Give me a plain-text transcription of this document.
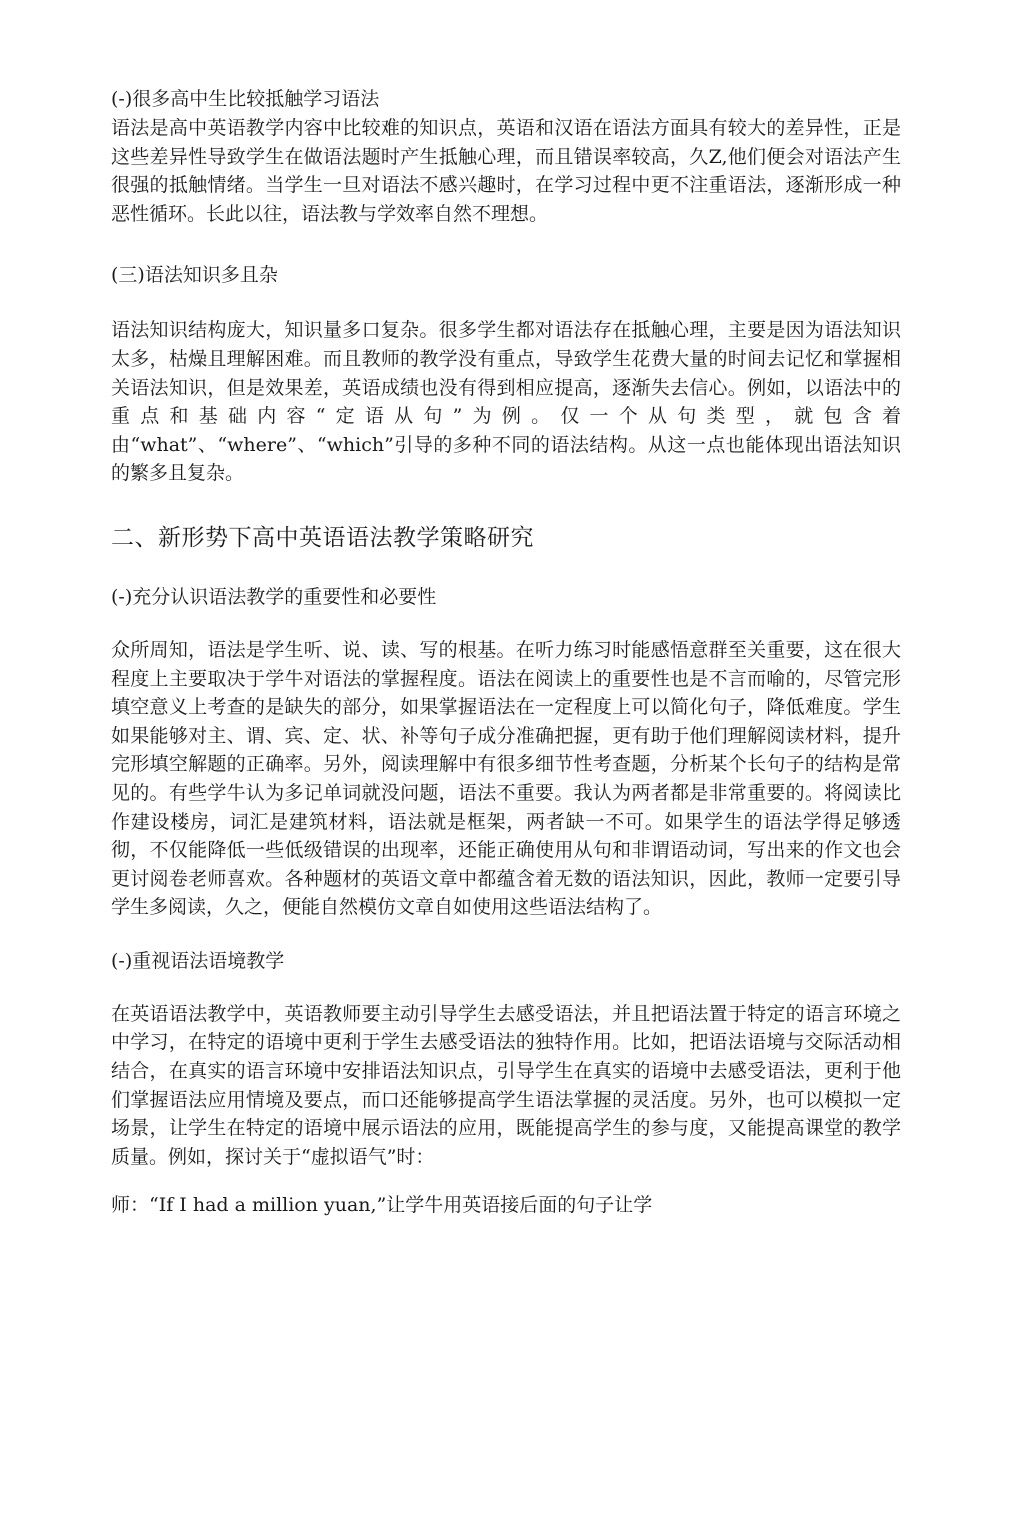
(-)很多高中生比较抵触学习语法

语法是高中英语教学内容中比较难的知识点，英语和汉语在语法方面具有较大的差异性，正是这些差异性导致学生在做语法题时产生抵触心理，而且错误率较高，久Z,他们便会对语法产生很强的抵触情绪。当学生一旦对语法不感兴趣时，在学习过程中更不注重语法，逐渐形成一种恶性循环。长此以往，语法教与学效率自然不理想。

(三)语法知识多且杂

语法知识结构庞大，知识量多口复杂。很多学生都对语法存在抵触心理，主要是因为语法知识太多，枯燥且理解困难。而且教师的教学没有重点，导致学生花费大量的时间去记忆和掌握相关语法知识，但是效果差，英语成绩也没有得到相应提高，逐渐失去信心。例如，以语法中的重点和基础内容“定语从句”为例。仅一个从句类型，就包含着由“what”、“where”、“which”引导的多种不同的语法结构。从这一点也能体现出语法知识的繁多且复杂。

二、新形势下高中英语语法教学策略研究
(-)充分认识语法教学的重要性和必要性

众所周知，语法是学生听、说、读、写的根基。在听力练习时能感悟意群至关重要，这在很大程度上主要取决于学牛对语法的掌握程度。语法在阅读上的重要性也是不言而喻的，尽管完形填空意义上考查的是缺失的部分，如果掌握语法在一定程度上可以简化句子，降低难度。学生如果能够对主、谓、宾、定、状、补等句子成分准确把握，更有助于他们理解阅读材料，提升完形填空解题的正确率。另外，阅读理解中有很多细节性考查题，分析某个长句子的结构是常见的。有些学牛认为多记单词就没问题，语法不重要。我认为两者都是非常重要的。将阅读比作建设楼房，词汇是建筑材料，语法就是框架，两者缺一不可。如果学生的语法学得足够透彻，不仅能降低一些低级错误的出现率，还能正确使用从句和非谓语动词，写出来的作文也会更讨阅卷老师喜欢。各种题材的英语文章中都蕴含着无数的语法知识，因此，教师一定要引导学生多阅读，久之，便能自然模仿文章自如使用这些语法结构了。

(-)重视语法语境教学

在英语语法教学中，英语教师要主动引导学生去感受语法，并且把语法置于特定的语言环境之中学习，在特定的语境中更利于学生去感受语法的独特作用。比如，把语法语境与交际活动相结合，在真实的语言环境中安排语法知识点，引导学生在真实的语境中去感受语法，更利于他们掌握语法应用情境及要点，而口还能够提高学生语法掌握的灵活度。另外，也可以模拟一定场景，让学生在特定的语境中展示语法的应用，既能提高学生的参与度，又能提高课堂的教学质量。例如，探讨关于“虚拟语气”时：

师：“If I had a million yuan,”让学牛用英语接后面的句子让学
